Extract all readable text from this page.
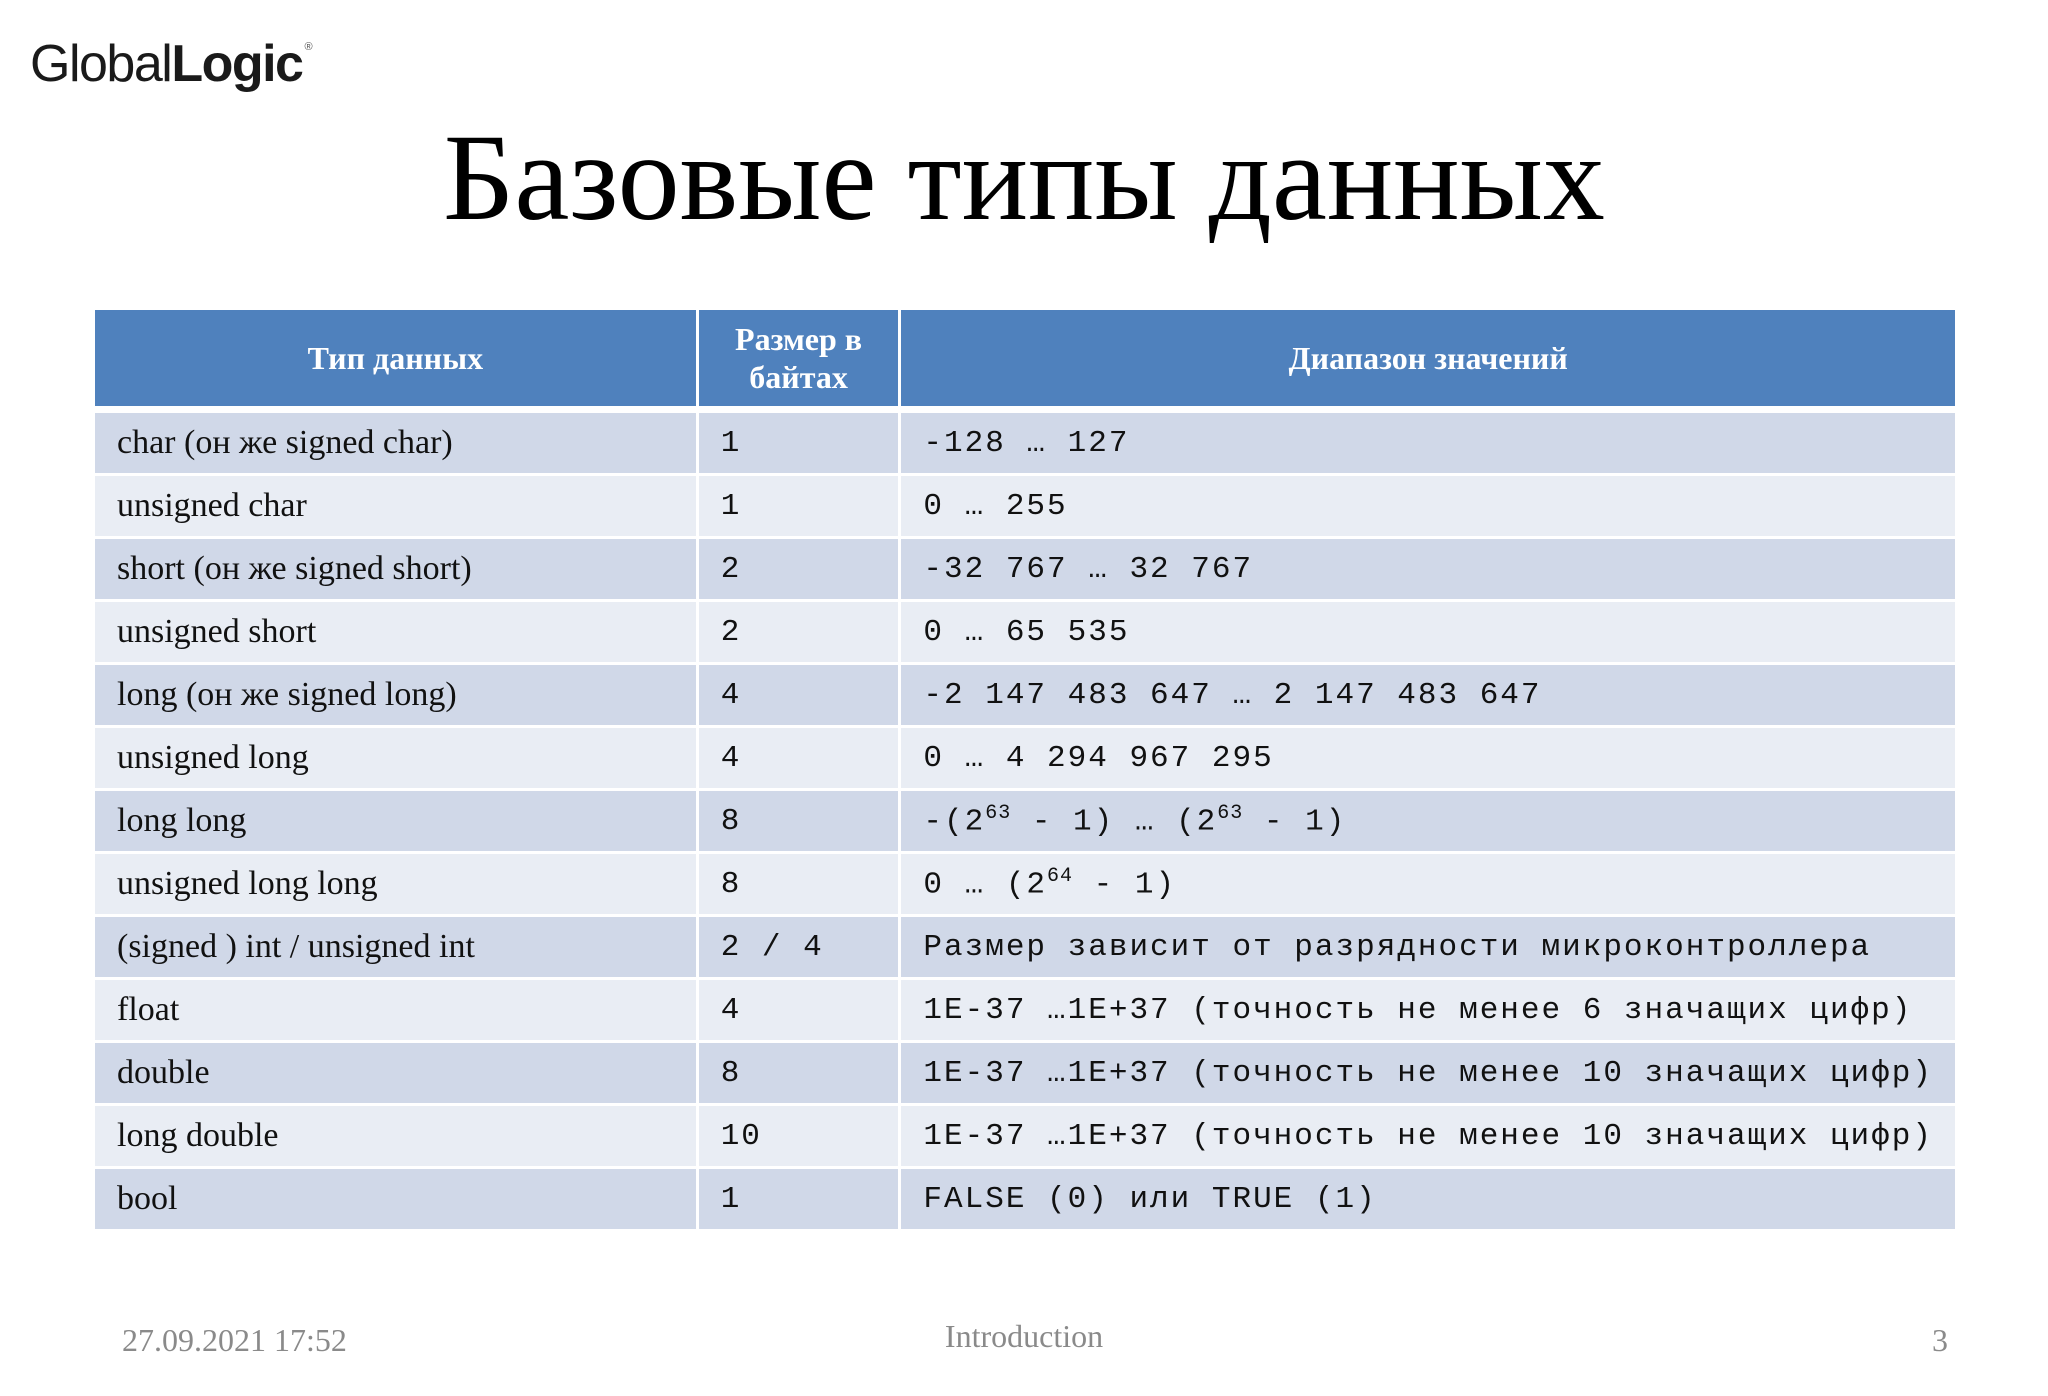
GlobalLogic ®
Базовые типы данных
Тип данных	Размер в байтах	Диапазон значений
char (он же signed char)	1	-128 … 127
unsigned char	1	0 … 255
short (он же signed short)	2	-32 767 … 32 767
unsigned short	2	0 … 65 535
long (он же signed long)	4	-2 147 483 647 … 2 147 483 647
unsigned long	4	0 … 4 294 967 295
long long	8	$-(2^{63} - 1)$ … $(2^{63} - 1)$
unsigned long long	8	0 … $(2^{64} - 1)$
(signed ) int / unsigned int	2 / 4	Размер зависит от разрядности микроконтроллера
float	4	1E-37 …1E+37 (точность не менее 6 значащих цифр)
double	8	1E-37 …1E+37 (точность не менее 10 значащих цифр)
long double	10	1E-37 …1E+37 (точность не менее 10 значащих цифр)
bool	1	FALSE (0) или TRUE (1)
27.09.2021 17:52	Introduction	3
